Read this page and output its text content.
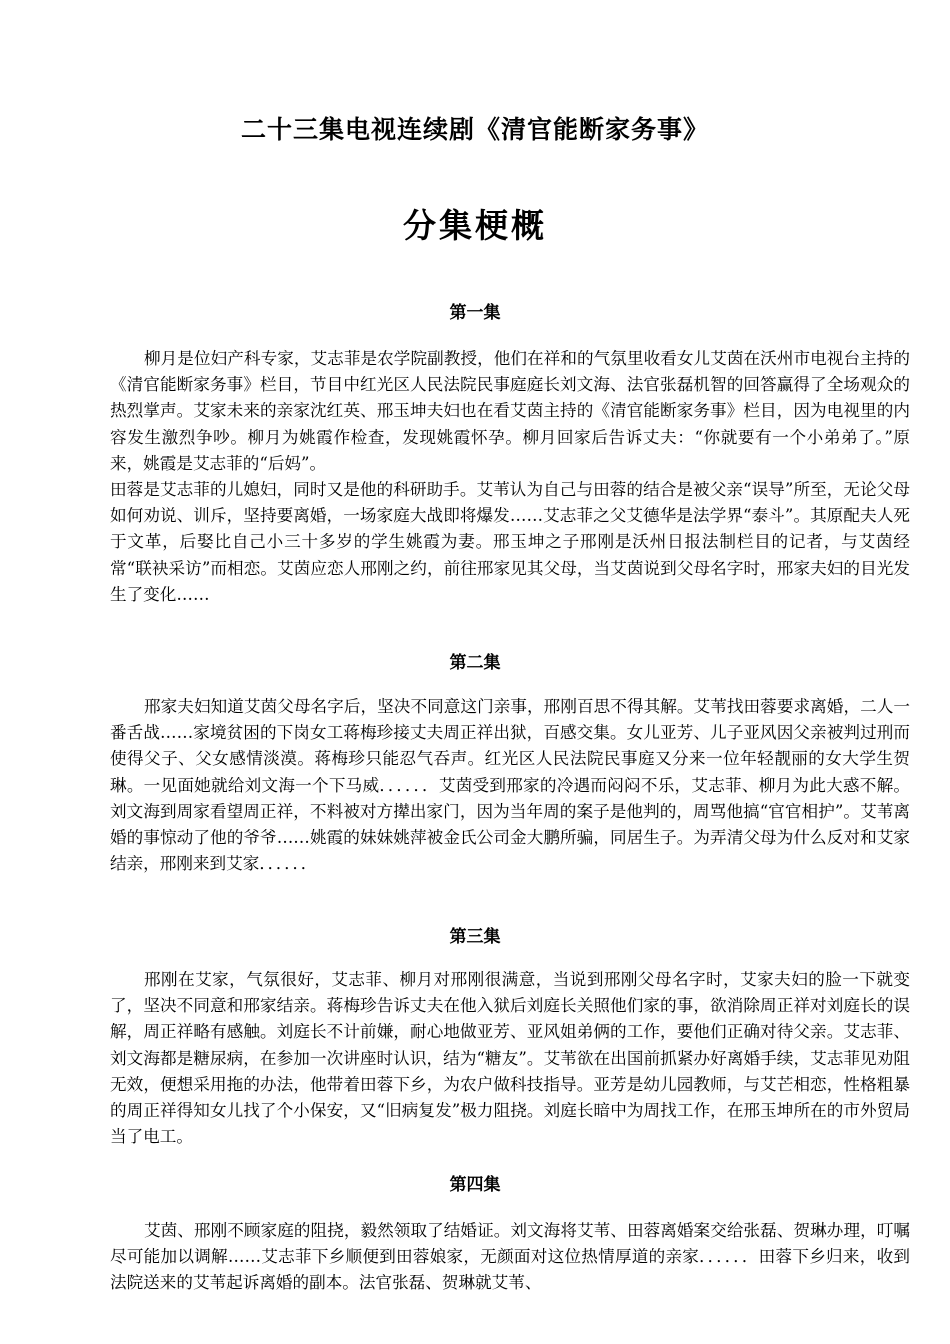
二十三集电视连续剧《清官能断家务事》
分集梗概
第一集

柳月是位妇产科专家，艾志菲是农学院副教授，他们在祥和的气氛里收看女儿艾茵在沃州市电视台主持的《清官能断家务事》栏目，节目中红光区人民法院民事庭庭长刘文海、法官张磊机智的回答赢得了全场观众的热烈掌声。艾家未来的亲家沈红英、邢玉坤夫妇也在看艾茵主持的《清官能断家务事》栏目，因为电视里的内容发生激烈争吵。柳月为姚霞作检查，发现姚霞怀孕。柳月回家后告诉丈夫：“你就要有一个小弟弟了。”原来，姚霞是艾志菲的“后妈”。

田蓉是艾志菲的儿媳妇，同时又是他的科研助手。艾苇认为自己与田蓉的结合是被父亲“误导”所至，无论父母如何劝说、训斥，坚持要离婚，一场家庭大战即将爆发……艾志菲之父艾德华是法学界“泰斗”。其原配夫人死于文革，后娶比自己小三十多岁的学生姚霞为妻。邢玉坤之子邢刚是沃州日报法制栏目的记者，与艾茵经常“联袂采访”而相恋。艾茵应恋人邢刚之约，前往邢家见其父母，当艾茵说到父母名字时，邢家夫妇的目光发生了变化……

第二集

邢家夫妇知道艾茵父母名字后，坚决不同意这门亲事，邢刚百思不得其解。艾苇找田蓉要求离婚，二人一番舌战……家境贫困的下岗女工蒋梅珍接丈夫周正祥出狱，百感交集。女儿亚芳、儿子亚风因父亲被判过刑而使得父子、父女感情淡漠。蒋梅珍只能忍气吞声。红光区人民法院民事庭又分来一位年轻靓丽的女大学生贺琳。一见面她就给刘文海一个下马威．．．．．．艾茵受到邢家的冷遇而闷闷不乐，艾志菲、柳月为此大惑不解。刘文海到周家看望周正祥，不料被对方撵出家门，因为当年周的案子是他判的，周骂他搞“官官相护”。艾苇离婚的事惊动了他的爷爷……姚霞的妹妹姚萍被金氏公司金大鹏所骗，同居生子。为弄清父母为什么反对和艾家结亲，邢刚来到艾家．．．．．．

第三集

邢刚在艾家，气氛很好，艾志菲、柳月对邢刚很满意，当说到邢刚父母名字时，艾家夫妇的脸一下就变了，坚决不同意和邢家结亲。蒋梅珍告诉丈夫在他入狱后刘庭长关照他们家的事，欲消除周正祥对刘庭长的误解，周正祥略有感触。刘庭长不计前嫌，耐心地做亚芳、亚风姐弟俩的工作，要他们正确对待父亲。艾志菲、刘文海都是糖尿病，在参加一次讲座时认识，结为“糖友”。艾苇欲在出国前抓紧办好离婚手续，艾志菲见劝阻无效，便想采用拖的办法，他带着田蓉下乡，为农户做科技指导。亚芳是幼儿园教师，与艾芒相恋，性格粗暴的周正祥得知女儿找了个小保安，又“旧病复发”极力阻挠。刘庭长暗中为周找工作，在邢玉坤所在的市外贸局当了电工。

第四集

艾茵、邢刚不顾家庭的阻挠，毅然领取了结婚证。刘文海将艾苇、田蓉离婚案交给张磊、贺琳办理，叮嘱尽可能加以调解……艾志菲下乡顺便到田蓉娘家，无颜面对这位热情厚道的亲家．．．．．．田蓉下乡归来，收到法院送来的艾苇起诉离婚的副本。法官张磊、贺琳就艾苇、
